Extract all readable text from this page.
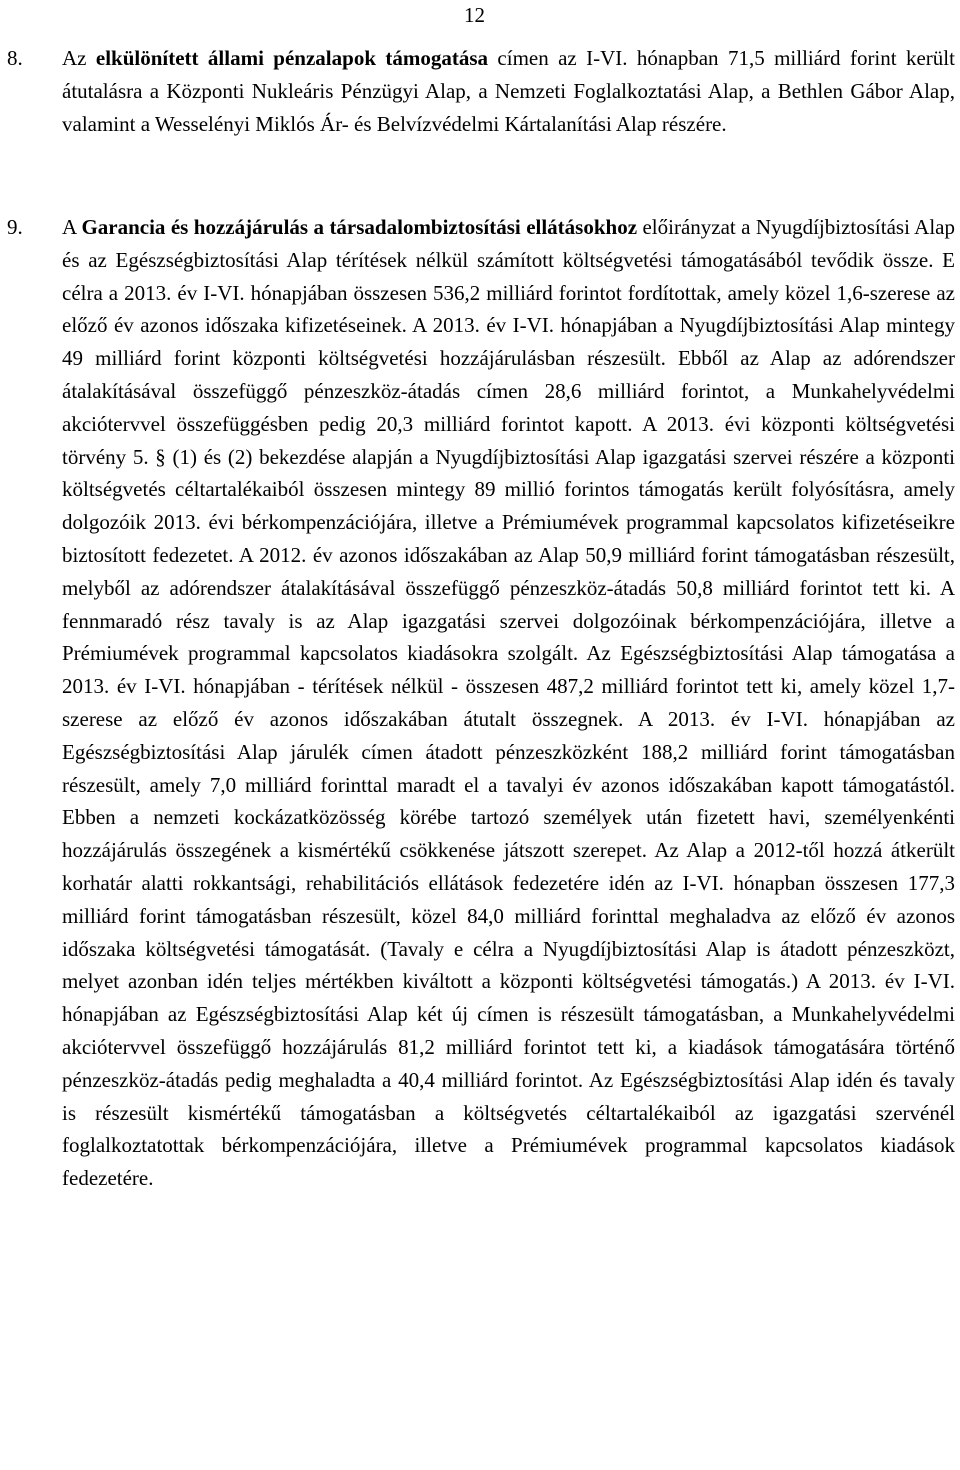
12
8. Az elkülönített állami pénzalapok támogatása címen az I-VI. hónapban 71,5 milliárd forint került átutalásra a Központi Nukleáris Pénzügyi Alap, a Nemzeti Foglalkoztatási Alap, a Bethlen Gábor Alap, valamint a Wesselényi Miklós Ár- és Belvízvédelmi Kártalanítási Alap részére.

9. A Garancia és hozzájárulás a társadalombiztosítási ellátásokhoz előirányzat a Nyugdíjbiztosítási Alap és az Egészségbiztosítási Alap térítések nélkül számított költségvetési támogatásából tevődik össze. E célra a 2013. év I-VI. hónapjában összesen 536,2 milliárd forintot fordítottak, amely közel 1,6-szerese az előző év azonos időszaka kifizetéseinek. A 2013. év I-VI. hónapjában a Nyugdíjbiztosítási Alap mintegy 49 milliárd forint központi költségvetési hozzájárulásban részesült. Ebből az Alap az adórendszer átalakításával összefüggő pénzeszköz-átadás címen 28,6 milliárd forintot, a Munkahelyvédelmi akciótervvel összefüggésben pedig 20,3 milliárd forintot kapott. A 2013. évi központi költségvetési törvény 5. § (1) és (2) bekezdése alapján a Nyugdíjbiztosítási Alap igazgatási szervei részére a központi költségvetés céltartalékaiból összesen mintegy 89 millió forintos támogatás került folyósításra, amely dolgozóik 2013. évi bérkompenzációjára, illetve a Prémiumévek programmal kapcsolatos kifizetéseikre biztosított fedezetet. A 2012. év azonos időszakában az Alap 50,9 milliárd forint támogatásban részesült, melyből az adórendszer átalakításával összefüggő pénzeszköz-átadás 50,8 milliárd forintot tett ki. A fennmaradó rész tavaly is az Alap igazgatási szervei dolgozóinak bérkompenzációjára, illetve a Prémiumévek programmal kapcsolatos kiadásokra szolgált. Az Egészségbiztosítási Alap támogatása a 2013. év I-VI. hónapjában - térítések nélkül - összesen 487,2 milliárd forintot tett ki, amely közel 1,7-szerese az előző év azonos időszakában átutalt összegnek. A 2013. év I-VI. hónapjában az Egészségbiztosítási Alap járulék címen átadott pénzeszközként 188,2 milliárd forint támogatásban részesült, amely 7,0 milliárd forinttal maradt el a tavalyi év azonos időszakában kapott támogatástól. Ebben a nemzeti kockázatközösség körébe tartozó személyek után fizetett havi, személyenkénti hozzájárulás összegének a kismértékű csökkenése játszott szerepet. Az Alap a 2012-től hozzá átkerült korhatár alatti rokkantsági, rehabilitációs ellátások fedezetére idén az I-VI. hónapban összesen 177,3 milliárd forint támogatásban részesült, közel 84,0 milliárd forinttal meghaladva az előző év azonos időszaka költségvetési támogatását. (Tavaly e célra a Nyugdíjbiztosítási Alap is átadott pénzeszközt, melyet azonban idén teljes mértékben kiváltott a központi költségvetési támogatás.) A 2013. év I-VI. hónapjában az Egészségbiztosítási Alap két új címen is részesült támogatásban, a Munkahelyvédelmi akciótervvel összefüggő hozzájárulás 81,2 milliárd forintot tett ki, a kiadások támogatására történő pénzeszköz-átadás pedig meghaladta a 40,4 milliárd forintot. Az Egészségbiztosítási Alap idén és tavaly is részesült kismértékű támogatásban a költségvetés céltartalékaiból az igazgatási szervénél foglalkoztatottak bérkompenzációjára, illetve a Prémiumévek programmal kapcsolatos kiadások fedezetére.
